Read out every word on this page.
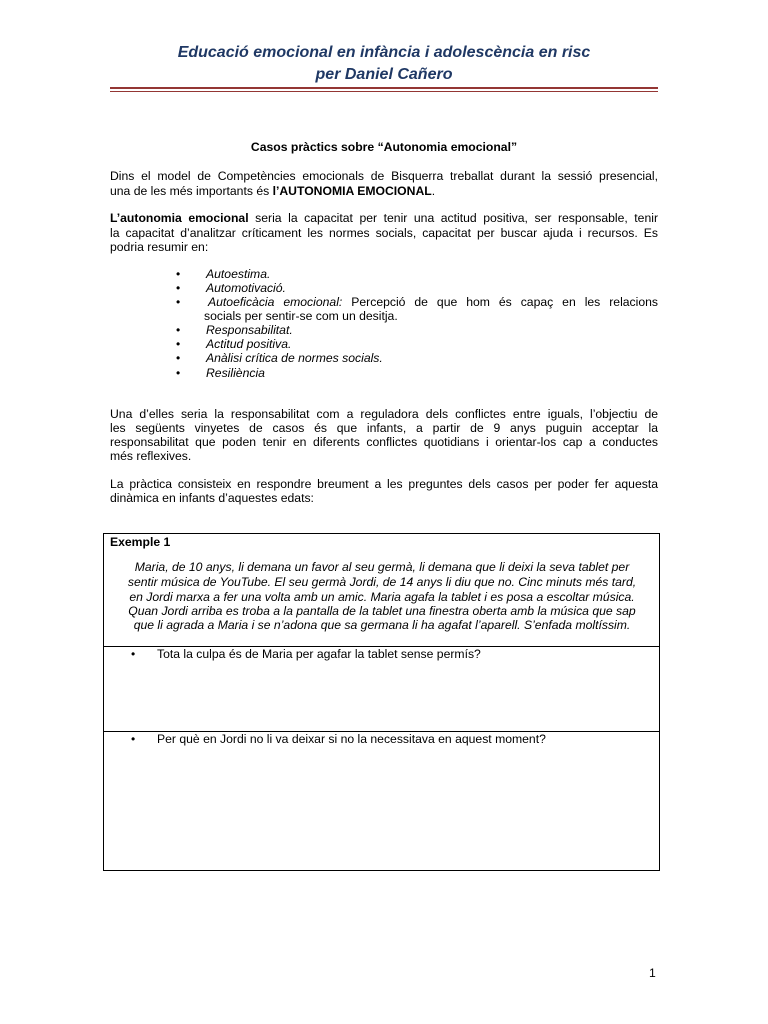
Educació emocional en infància i adolescència en risc
per Daniel Cañero
Casos pràctics sobre “Autonomia emocional”
Dins el model de Competències emocionals de Bisquerra treballat durant la sessió presencial,
una de les més importants és l’AUTONOMIA EMOCIONAL.
L’autonomia emocional seria la capacitat per tenir una actitud positiva, ser responsable, tenir
la capacitat d’analitzar críticament les normes socials, capacitat per buscar ajuda i recursos. Es
podria resumir en:
• Autoestima.
• Automotivació.
• Autoeficàcia emocional: Percepció de que hom és capaç en les relacions
socials per sentir-se com un desitja.
• Responsabilitat.
• Actitud positiva.
• Anàlisi crítica de normes socials.
• Resiliència
Una d’elles seria la responsabilitat com a reguladora dels conflictes entre iguals, l’objectiu de
les següents vinyetes de casos és que infants, a partir de 9 anys puguin acceptar la
responsabilitat que poden tenir en diferents conflictes quotidians i orientar-los cap a conductes
més reflexives.
La pràctica consisteix en respondre breument a les preguntes dels casos per poder fer aquesta
dinàmica en infants d’aquestes edats:
Exemple 1
Maria, de 10 anys, li demana un favor al seu germà, li demana que li deixi la seva tablet per
sentir música de YouTube. El seu germà Jordi, de 14 anys li diu que no. Cinc minuts més tard,
en Jordi marxa a fer una volta amb un amic. Maria agafa la tablet i es posa a escoltar música.
Quan Jordi arriba es troba a la pantalla de la tablet una finestra oberta amb la música que sap
que li agrada a Maria i se n’adona que sa germana li ha agafat l’aparell. S’enfada moltíssim.
• Tota la culpa és de Maria per agafar la tablet sense permís?
• Per què en Jordi no li va deixar si no la necessitava en aquest moment?
1
